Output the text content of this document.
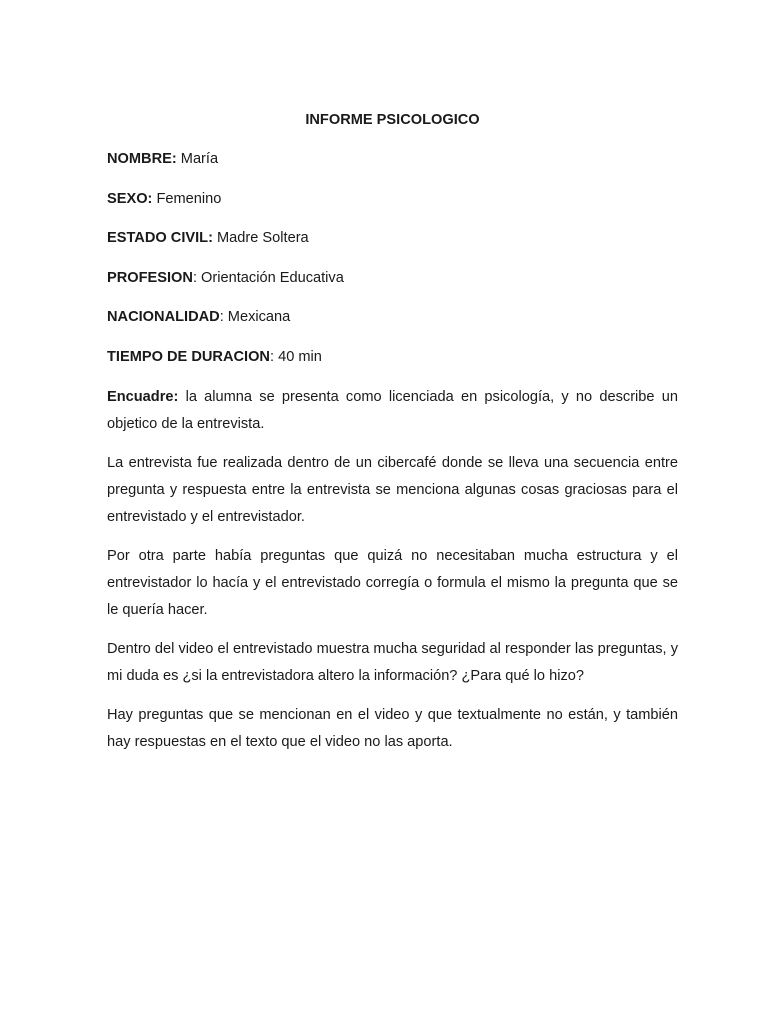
INFORME PSICOLOGICO
NOMBRE: María
SEXO: Femenino
ESTADO CIVIL: Madre Soltera
PROFESION: Orientación Educativa
NACIONALIDAD: Mexicana
TIEMPO DE DURACION: 40 min

Encuadre: la alumna se presenta como licenciada en psicología, y no describe un objetico de la entrevista.

La entrevista fue realizada dentro de un cibercafé donde se lleva una secuencia entre pregunta y respuesta entre la entrevista se menciona algunas cosas graciosas para el entrevistado y el entrevistador.

Por otra parte había preguntas que quizá no necesitaban mucha estructura y el entrevistador lo hacía y el entrevistado corregía o formula el mismo la pregunta que se le quería hacer.

Dentro del video el entrevistado muestra mucha seguridad al responder las preguntas, y mi duda es ¿si la entrevistadora altero la información? ¿Para qué lo hizo?

Hay preguntas que se mencionan en el video y que textualmente no están, y también hay respuestas en el texto que el video no las aporta.
